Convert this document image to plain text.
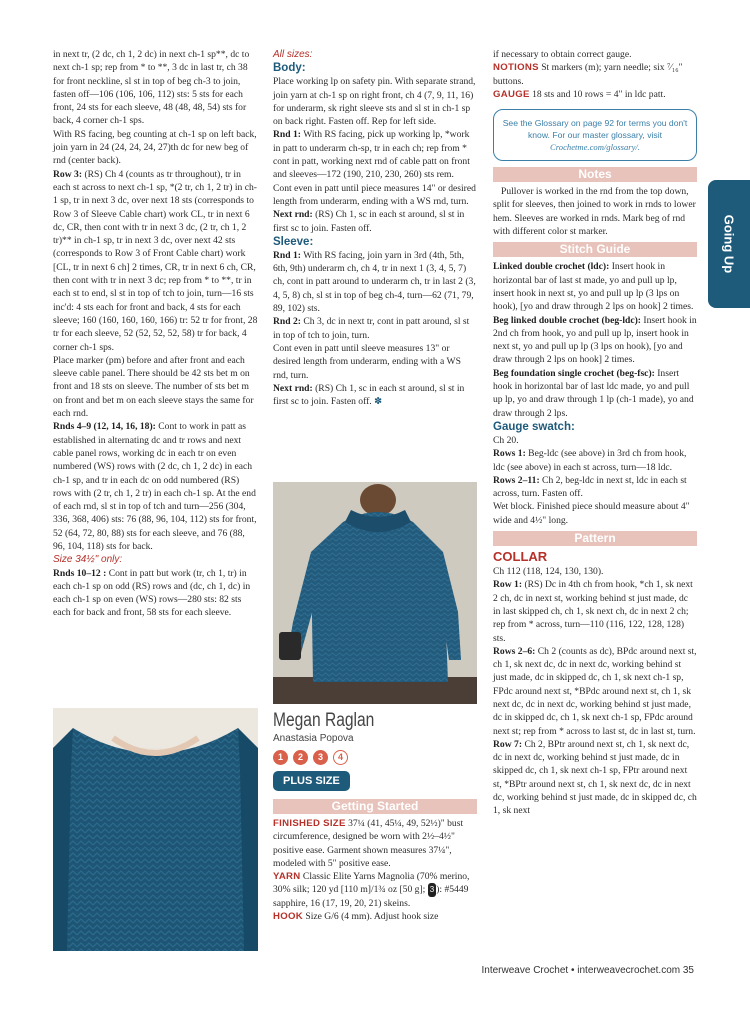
in next tr, (2 dc, ch 1, 2 dc) in next ch-1 sp**, dc to next ch-1 sp; rep from * to **, 3 dc in last tr, ch 38 for front neckline, sl st in top of beg ch-3 to join, fasten off—106 (106, 106, 112) sts: 5 sts for each front, 24 sts for each sleeve, 48 (48, 48, 54) sts for back, 4 corner ch-1 sps.

With RS facing, beg counting at ch-1 sp on left back, join yarn in 24 (24, 24, 24, 27)th dc for new beg of rnd (center back).

Row 3: (RS) Ch 4 (counts as tr throughout), tr in each st across to next ch-1 sp, *(2 tr, ch 1, 2 tr) in ch-1 sp, tr in next 3 dc, over next 18 sts (corresponds to Row 3 of Sleeve Cable chart) work CL, tr in next 6 dc, CR, then cont with tr in next 3 dc, (2 tr, ch 1, 2 tr)** in ch-1 sp, tr in next 3 dc, over next 42 sts (corresponds to Row 3 of Front Cable chart) work [CL, tr in next 6 ch] 2 times, CR, tr in next 6 ch, CR, then cont with tr in next 3 dc; rep from * to **, tr in each st to end, sl st in top of tch to join, turn—16 sts inc'd: 4 sts each for front and back, 4 sts for each sleeve; 160 (160, 160, 160, 166) tr: 52 tr for front, 28 tr for each sleeve, 52 (52, 52, 52, 58) tr for back, 4 corner ch-1 sps.

Place marker (pm) before and after front and each sleeve cable panel. There should be 42 sts bet m on front and 18 sts on sleeve. The number of sts bet m on front and bet m on each sleeve stays the same for each rnd.

Rnds 4–9 (12, 14, 16, 18): Cont to work in patt as established in alternating dc and tr rows and next cable panel rows, working dc in each tr on even numbered (WS) rows with (2 dc, ch 1, 2 dc) in each ch-1 sp, and tr in each dc on odd numbered (RS) rows with (2 tr, ch 1, 2 tr) in each ch-1 sp. At the end of each rnd, sl st in top of tch and turn—256 (304, 336, 368, 406) sts: 76 (88, 96, 104, 112) sts for front, 52 (64, 72, 80, 88) sts for each sleeve, and 76 (88, 96, 104, 118) sts for back.

Size 34½" only:

Rnds 10–12 : Cont in patt but work (tr, ch 1, tr) in each ch-1 sp on odd (RS) rows and (dc, ch 1, dc) in each ch-1 sp on even (WS) rows—280 sts: 82 sts each for back and front, 58 sts for each sleeve.

All sizes:

Body:

Place working lp on safety pin. With separate strand, join yarn at ch-1 sp on right front, ch 4 (7, 9, 11, 16) for underarm, sk right sleeve sts and sl st in ch-1 sp on back right. Fasten off. Rep for left side.

Rnd 1: With RS facing, pick up working lp, *work in patt to underarm ch-sp, tr in each ch; rep from * cont in patt, working next rnd of cable patt on front and sleeves—172 (190, 210, 230, 260) sts rem.

Cont even in patt until piece measures 14" or desired length from underarm, ending with a WS rnd, turn.

Next rnd: (RS) Ch 1, sc in each st around, sl st in first sc to join. Fasten off.

Sleeve:

Rnd 1: With RS facing, join yarn in 3rd (4th, 5th, 6th, 9th) underarm ch, ch 4, tr in next 1 (3, 4, 5, 7) ch, cont in patt around to underarm ch, tr in last 2 (3, 4, 5, 8) ch, sl st in top of beg ch-4, turn—62 (71, 79, 89, 102) sts.

Rnd 2: Ch 3, dc in next tr, cont in patt around, sl st in top of tch to join, turn.

Cont even in patt until sleeve measures 13" or desired length from underarm, ending with a WS rnd, turn.

Next rnd: (RS) Ch 1, sc in each st around, sl st in first sc to join. Fasten off. ✽

Megan Raglan
Anastasia Popova
1	2	3	4
PLUS SIZE
Getting Started

FINISHED SIZE 37¼ (41, 45¼, 49, 52½)" bust circumference, designed be worn with 2½–4½" positive ease. Garment shown measures 37¼", modeled with 5" positive ease.

YARN Classic Elite Yarns Magnolia (70% merino, 30% silk; 120 yd [110 m]/1¾ oz [50 g]; 3 ): #5449 sapphire, 16 (17, 19, 20, 21) skeins.

HOOK Size G/6 (4 mm). Adjust hook size

if necessary to obtain correct gauge.

NOTIONS St markers (m); yarn needle; six ⁷⁄₁₆" buttons.

GAUGE 18 sts and 10 rows = 4" in ldc patt.

See the Glossary on page 92 for terms you don't know. For our master glossary, visit Crochetme.com/glossary/.
Notes

Pullover is worked in the rnd from the top down, split for sleeves, then joined to work in rnds to lower hem. Sleeves are worked in rnds. Mark beg of rnd with different color st marker.

Stitch Guide

Linked double crochet (ldc): Insert hook in horizontal bar of last st made, yo and pull up lp, insert hook in next st, yo and pull up lp (3 lps on hook), [yo and draw through 2 lps on hook] 2 times.

Beg linked double crochet (beg-ldc): Insert hook in 2nd ch from hook, yo and pull up lp, insert hook in next st, yo and pull up lp (3 lps on hook), [yo and draw through 2 lps on hook] 2 times.

Beg foundation single crochet (beg-fsc): Insert hook in horizontal bar of last ldc made, yo and pull up lp, yo and draw through 1 lp (ch-1 made), yo and draw through 2 lps.

Gauge swatch:

Ch 20.

Rows 1: Beg-ldc (see above) in 3rd ch from hook, ldc (see above) in each st across, turn—18 ldc.

Rows 2–11: Ch 2, beg-ldc in next st, ldc in each st across, turn. Fasten off.

Wet block. Finished piece should measure about 4" wide and 4½" long.

Pattern

COLLAR

Ch 112 (118, 124, 130, 130).

Row 1: (RS) Dc in 4th ch from hook, *ch 1, sk next 2 ch, dc in next st, working behind st just made, dc in last skipped ch, ch 1, sk next ch, dc in next 2 ch; rep from * across, turn—110 (116, 122, 128, 128) sts.

Rows 2–6: Ch 2 (counts as dc), BPdc around next st, ch 1, sk next dc, dc in next dc, working behind st just made, dc in skipped dc, ch 1, sk next ch-1 sp, FPdc around next st, *BPdc around next st, ch 1, sk next dc, dc in next dc, working behind st just made, dc in skipped dc, ch 1, sk next ch-1 sp, FPdc around next st; rep from * across to last st, dc in last st, turn.

Row 7: Ch 2, BPtr around next st, ch 1, sk next dc, dc in next dc, working behind st just made, dc in skipped dc, ch 1, sk next ch-1 sp, FPtr around next st, *BPtr around next st, ch 1, sk next dc, dc in next dc, working behind st just made, dc in skipped dc, ch 1, sk next

Going Up
Interweave Crochet • interweavecrochet.com 35
